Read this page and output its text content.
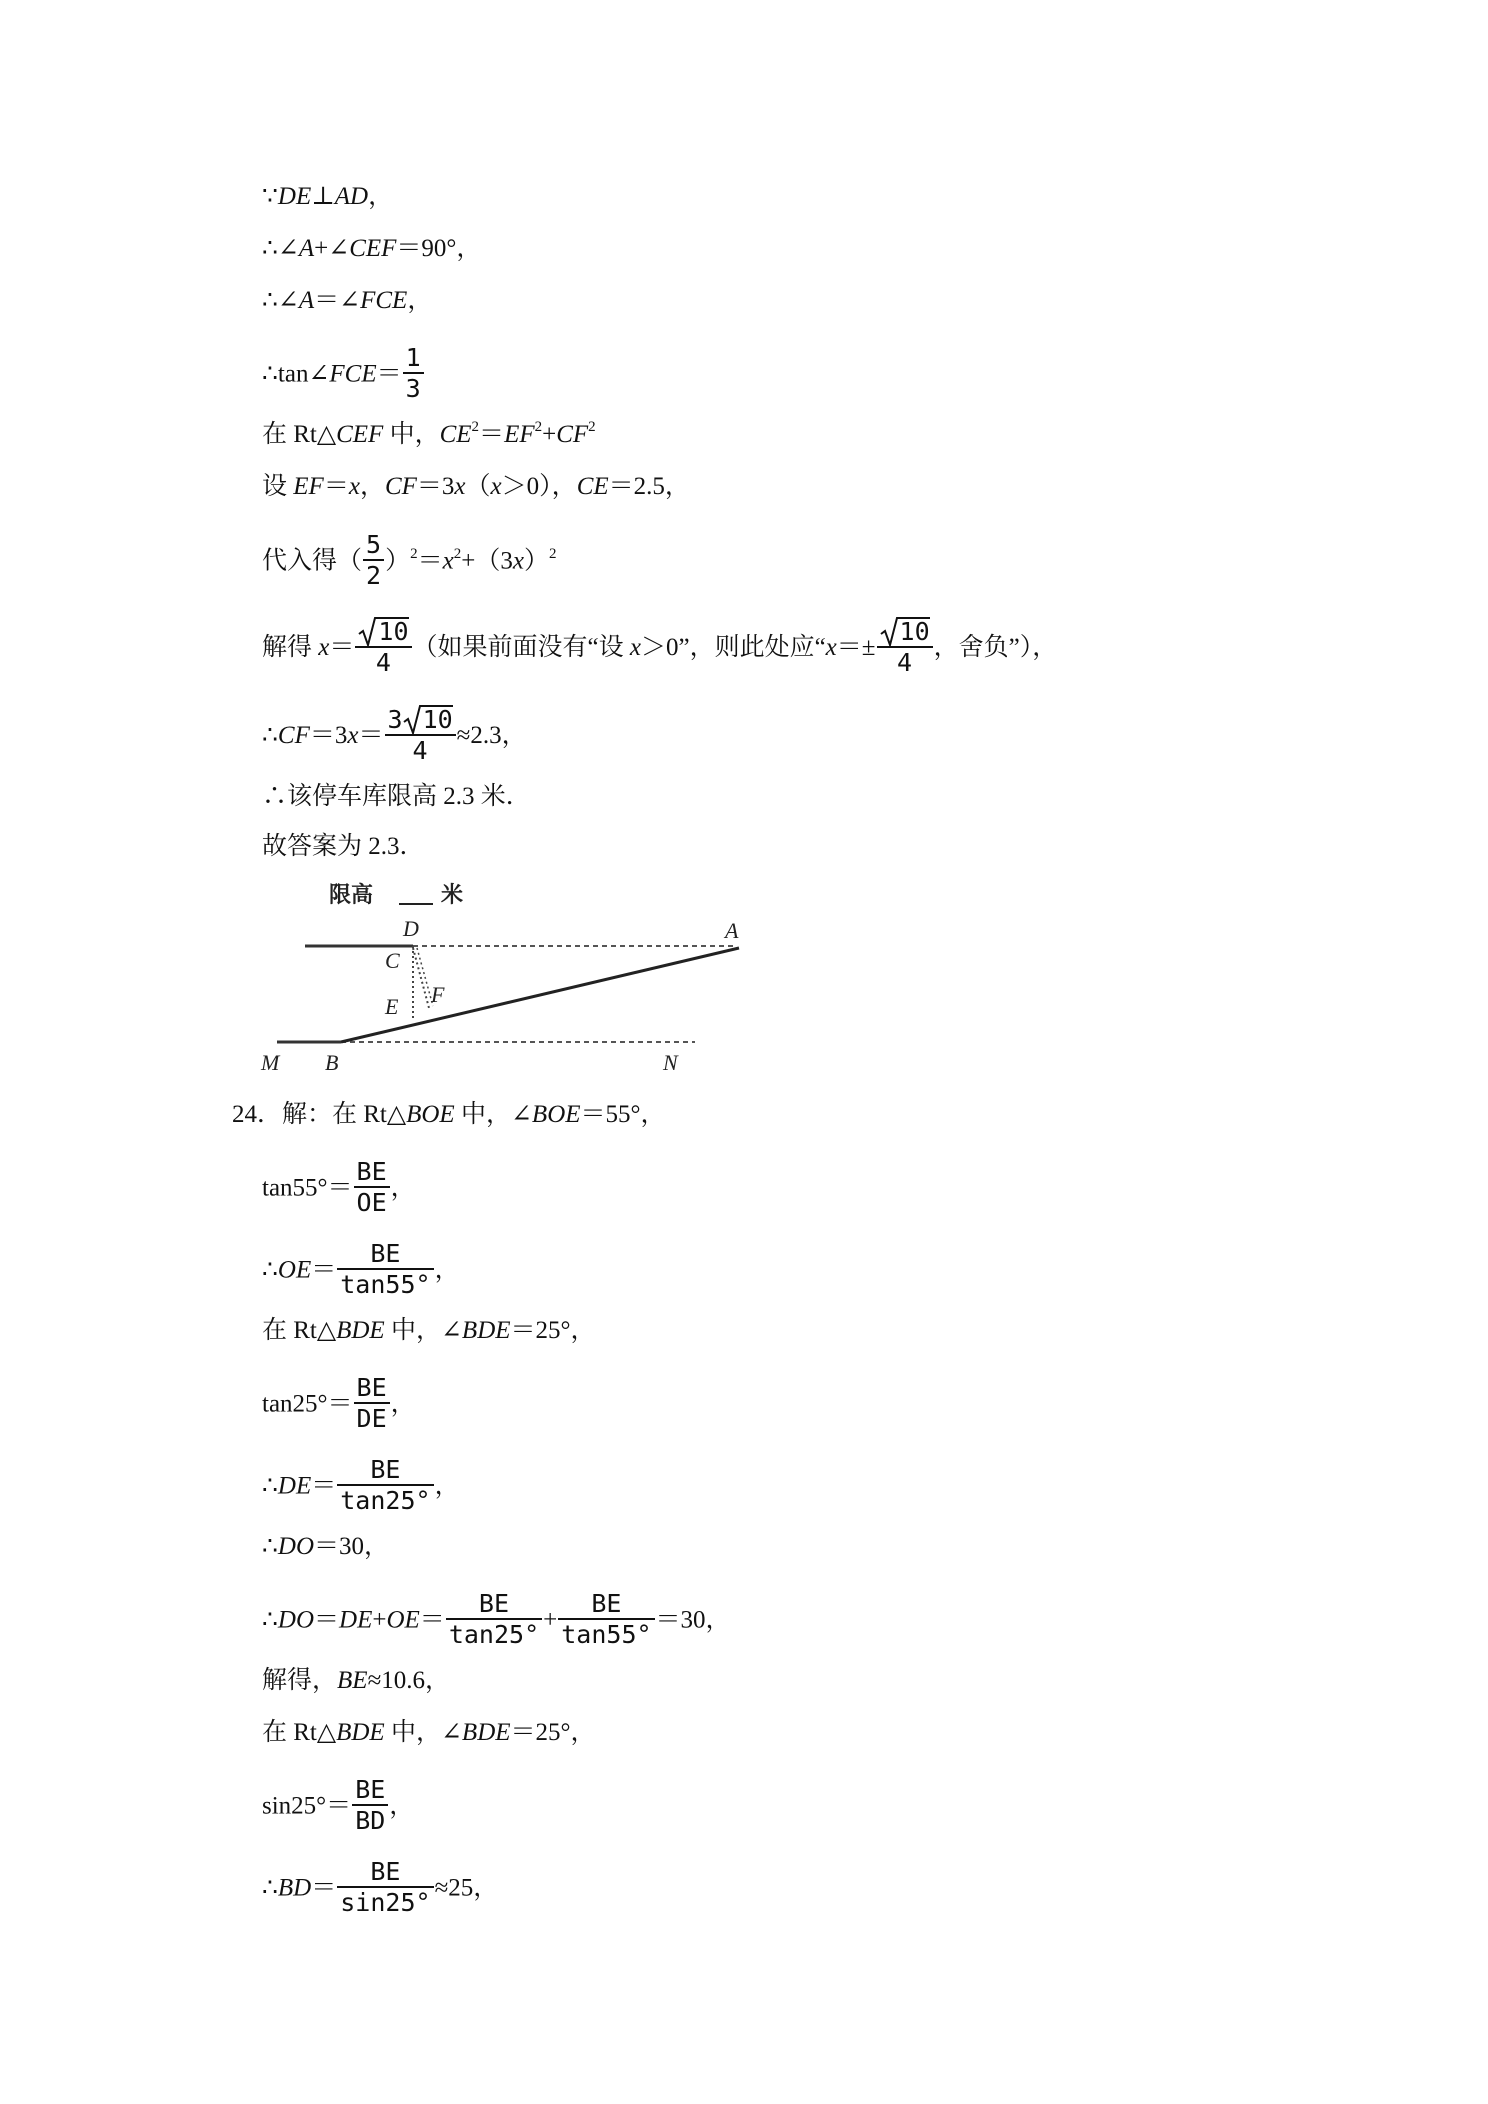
∵DE⊥AD，
∴∠A+∠CEF＝90°，
∴∠A＝∠FCE，
∴tan∠FCE＝ $\frac{1}{3}$
在 Rt△CEF 中，$CE^2=EF^2+CF^2$
设 EF＝x，CF＝3x（x＞0），CE＝2.5，
代入得（ $\frac{5}{2} )^2=x^2+(3x)^2$
解得 $x= \frac{10}{4}$ （如果前面没有“设 x＞0”，则此处应“$x=\pm \frac{10}{4}$ ，舍负”），
∴CF＝3x＝ $\frac{3 10}{4} \approx 2.3$，
∴该停车库限高 2.3 米．
故答案为 2.3．
限高	米
D	A
C
F
E
M B	N
24．解：在 Rt△BOE 中，∠BOE＝55°，
$\tan 55^\circ= \frac{BE}{OE}$ ，
∴OE＝ $\frac{BE}{\tan 55^\circ}$ ，
在 Rt△BDE 中，∠BDE＝25°，
$\tan 25^\circ= \frac{BE}{DE}$ ，
∴DE＝ $\frac{BE}{\tan 25^\circ}$ ，
∴DO＝30，
∴DO＝DE+OE＝ $\frac{BE}{\tan 25^\circ} + \frac{BE}{\tan 55^\circ} =30$，
解得，BE≈10.6，
在 Rt△BDE 中，∠BDE＝25°，
$\sin 25^\circ= \frac{BE}{BD}$ ，
∴BD＝ $\frac{BE}{\sin 25^\circ} \approx 25$，
